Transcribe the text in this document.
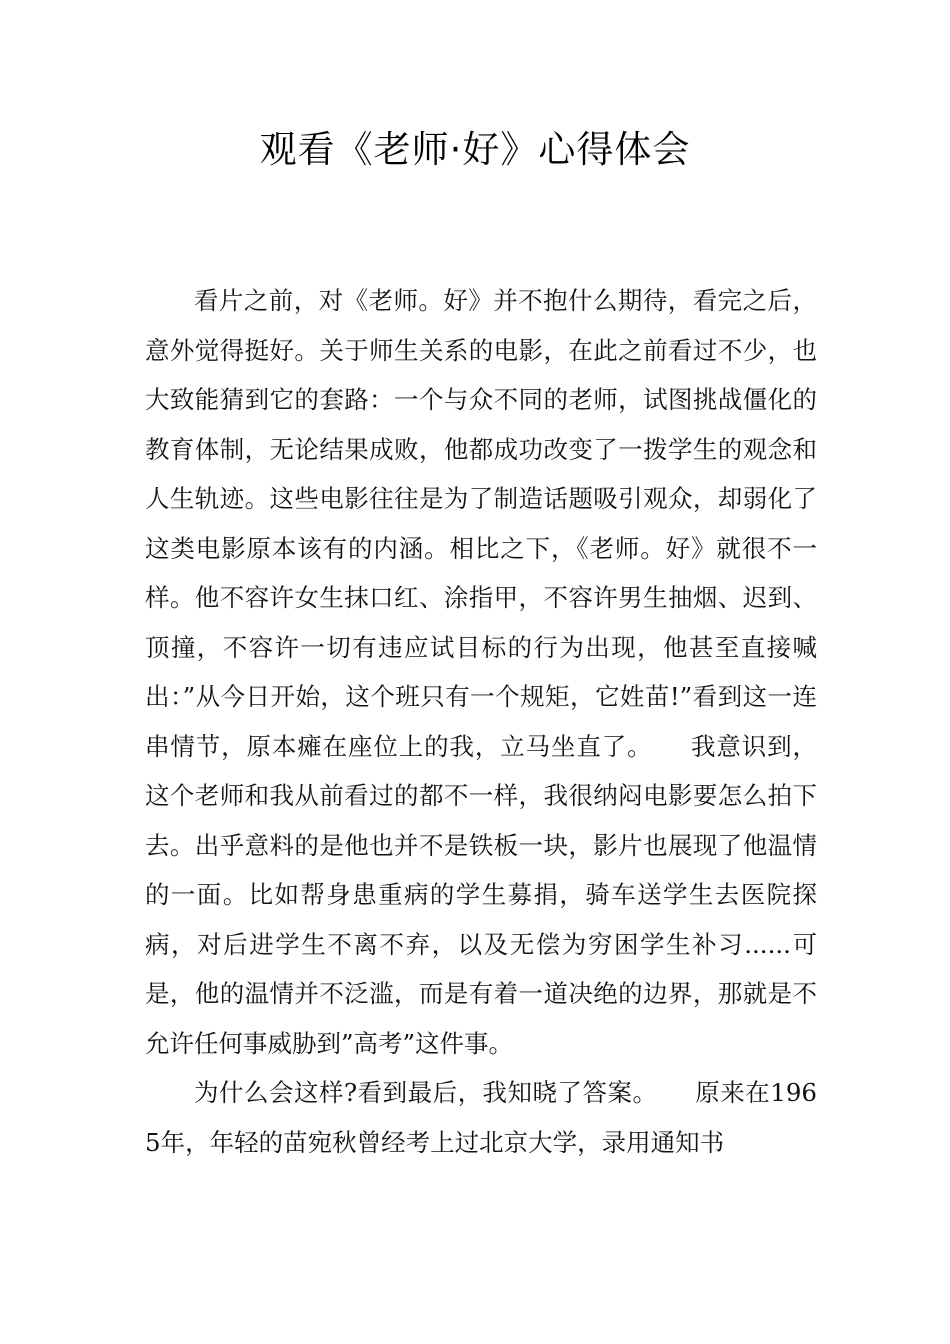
观看《老师·好》心得体会

看片之前，对《老师。好》并不抱什么期待，看完之后，意外觉得挺好。关于师生关系的电影，在此之前看过不少，也大致能猜到它的套路：一个与众不同的老师，试图挑战僵化的教育体制，无论结果成败，他都成功改变了一拨学生的观念和人生轨迹。这些电影往往是为了制造话题吸引观众，却弱化了这类电影原本该有的内涵。相比之下，《老师。好》就很不一样。他不容许女生抹口红、涂指甲，不容许男生抽烟、迟到、顶撞，不容许一切有违应试目标的行为出现，他甚至直接喊出：”从今日开始，这个班只有一个规矩，它姓苗!”看到这一连串情节，原本瘫在座位上的我，立马坐直了。　　我意识到，这个老师和我从前看过的都不一样，我很纳闷电影要怎么拍下去。出乎意料的是他也并不是铁板一块，影片也展现了他温情的一面。比如帮身患重病的学生募捐，骑车送学生去医院探病，对后进学生不离不弃，以及无偿为穷困学生补习......可是，他的温情并不泛滥，而是有着一道决绝的边界，那就是不允许任何事威胁到”高考”这件事。

为什么会这样?看到最后，我知晓了答案。　　原来在1965年，年轻的苗宛秋曾经考上过北京大学，录用通知书
